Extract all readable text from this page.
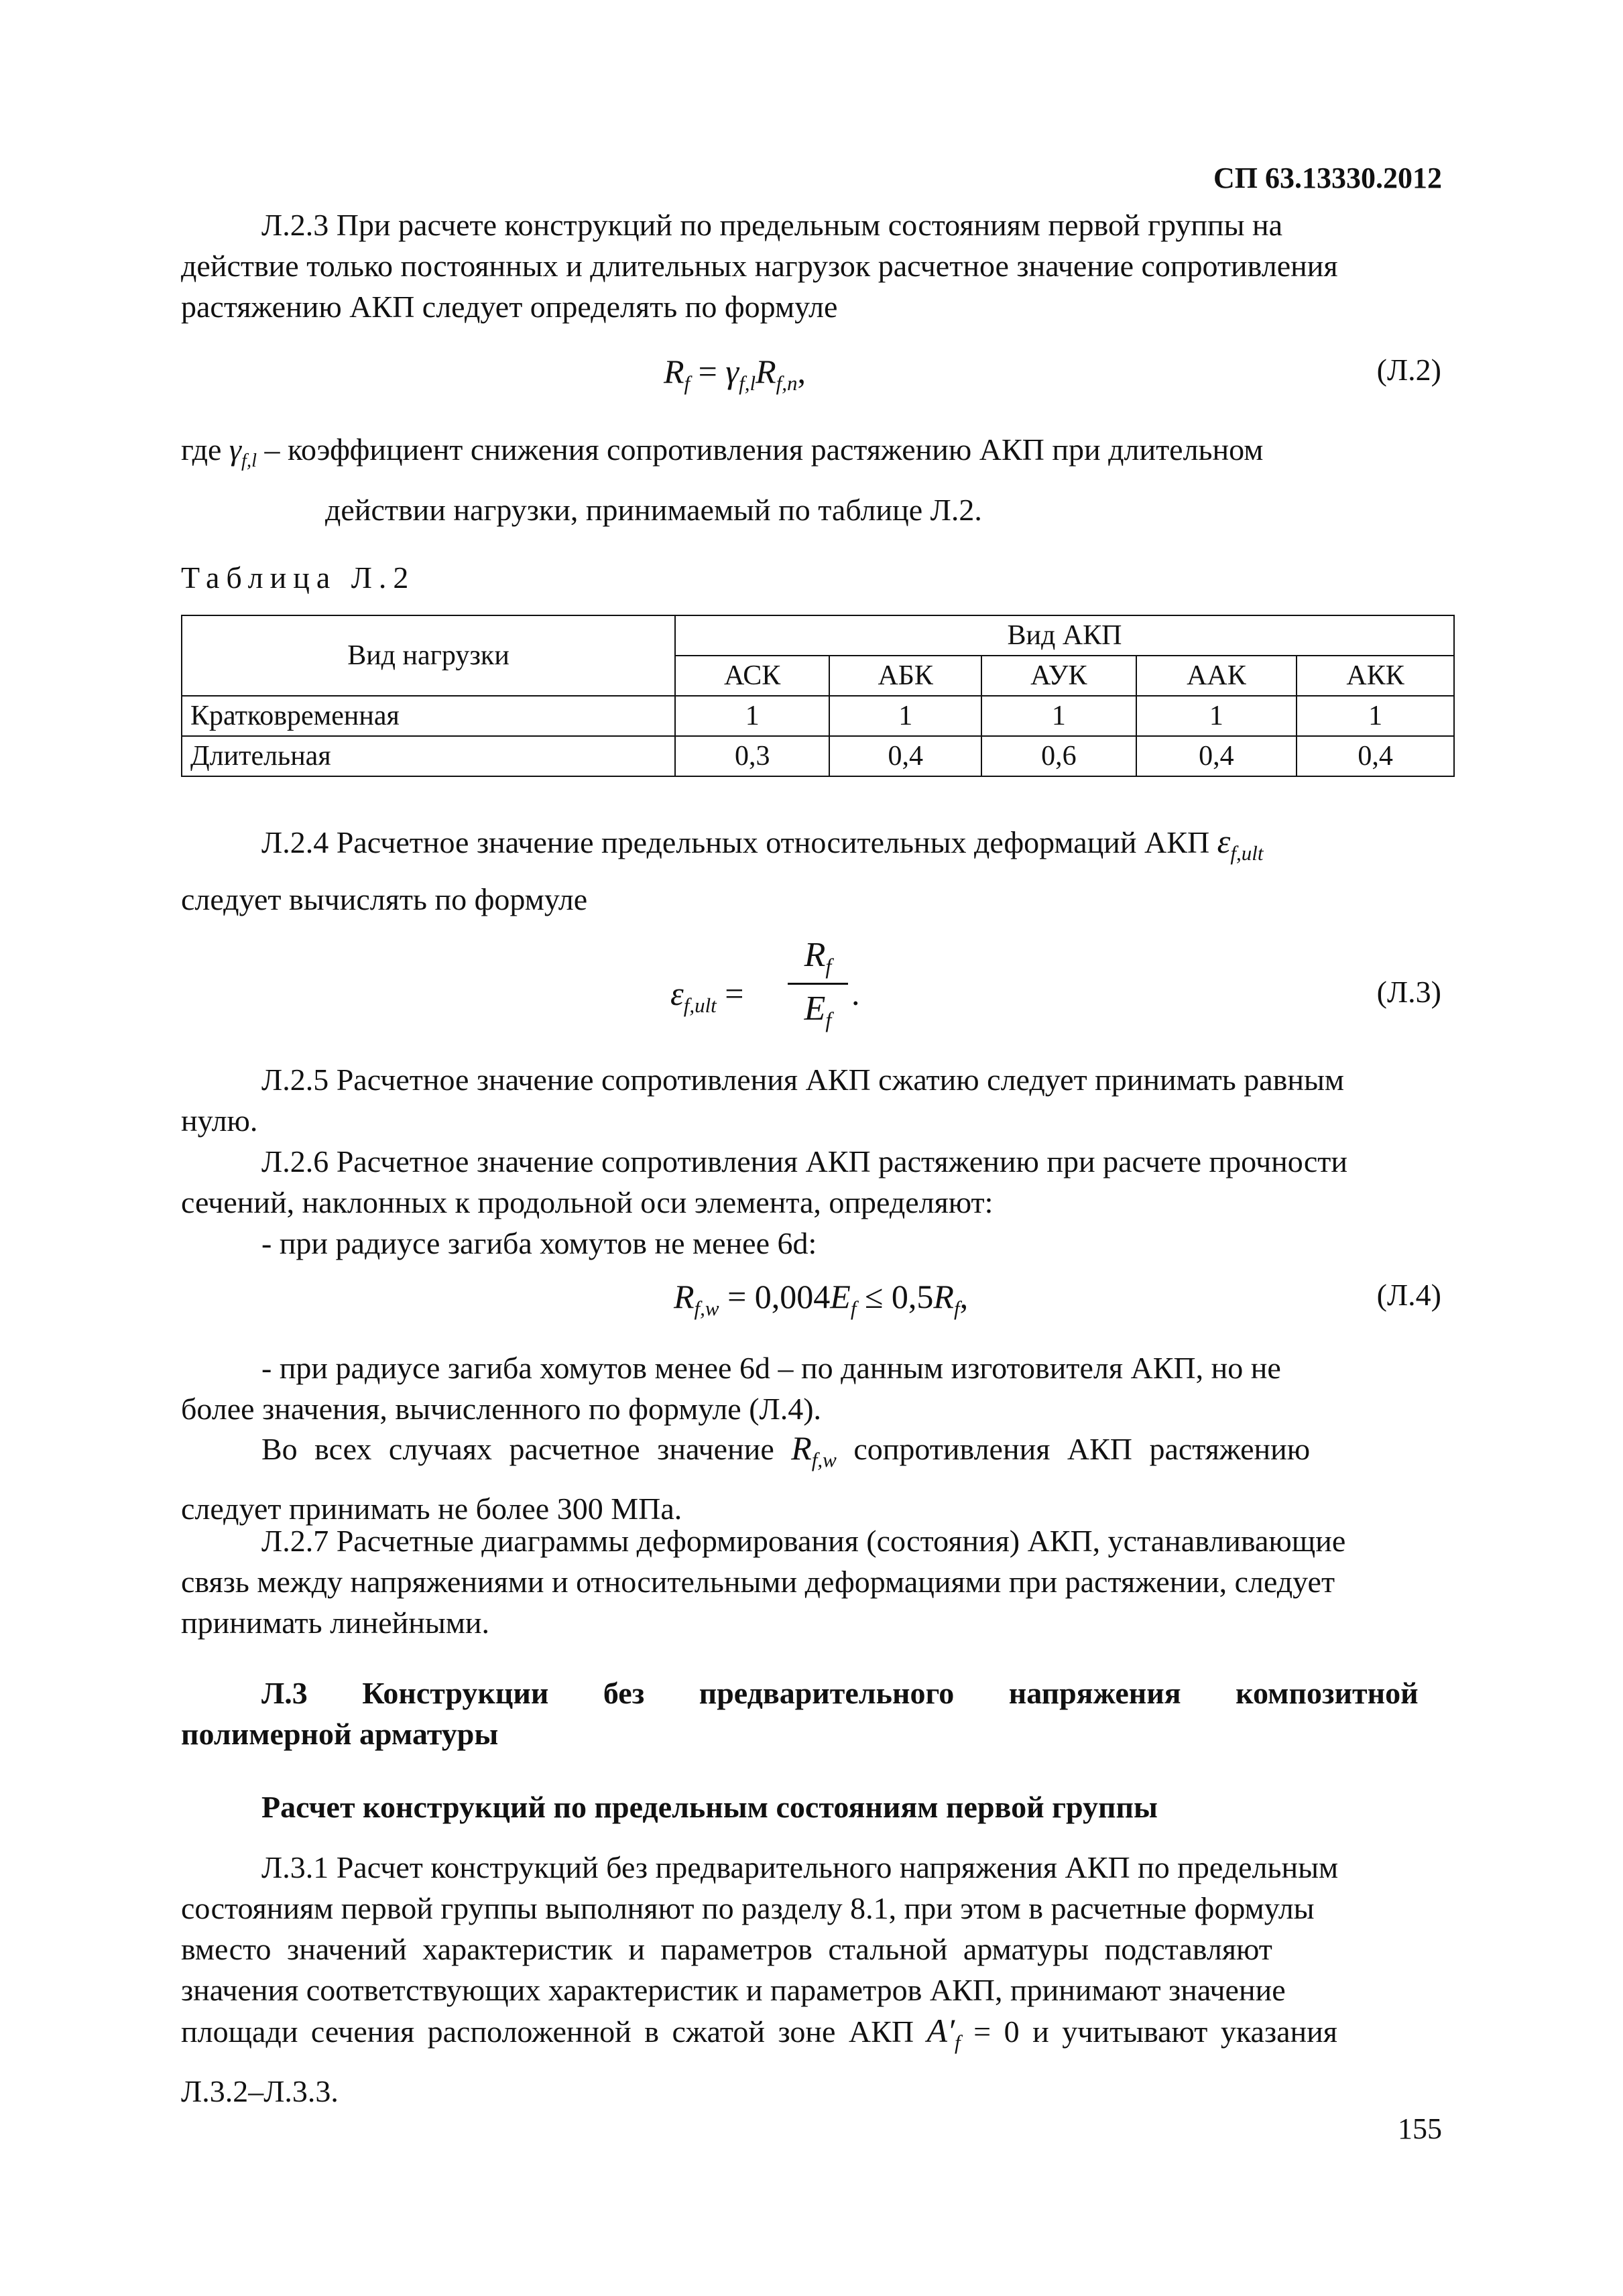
СП 63.13330.2012
Л.2.3 При расчете конструкций по предельным состояниям первой группы на
действие только постоянных и длительных нагрузок расчетное значение сопротивления
растяжению АКП следует определять по формуле
$R_f = \gamma_{f,l}R_{f,n}$,	(Л.2)
где $\gamma_{f,l}$ – коэффициент снижения сопротивления растяжению АКП при длительном
действии нагрузки, принимаемый по таблице Л.2.
Таблица Л.2
Вид нагрузки	Вид АКП				
	АСК	АБК	АУК	ААК	АКК
Кратковременная	1	1	1	1	1
Длительная	0,3	0,4	0,6	0,4	0,4
Л.2.4 Расчетное значение предельных относительных деформаций АКП $\varepsilon_{f,ult}$
следует вычислять по формуле
$\varepsilon_{f,ult}$ =
$R_f$
$E_f$
.	(Л.3)
Л.2.5 Расчетное значение сопротивления АКП сжатию следует принимать равным
нулю.
Л.2.6 Расчетное значение сопротивления АКП растяжению при расчете прочности
сечений, наклонных к продольной оси элемента, определяют:
- при радиусе загиба хомутов не менее 6d:
$R_{f,w} = 0,004E_f \le 0,5R_f$,	(Л.4)
- при радиусе загиба хомутов менее 6d – по данным изготовителя АКП, но не
более значения, вычисленного по формуле (Л.4).
Во всех случаях расчетное значение $R_{f,w}$ сопротивления АКП растяжению
следует принимать не более 300 МПа.
Л.2.7 Расчетные диаграммы деформирования (состояния) АКП, устанавливающие
связь между напряжениями и относительными деформациями при растяжении, следует
принимать линейными.
Л.3 Конструкции без предварительного напряжения композитной
полимерной арматуры
Расчет конструкций по предельным состояниям первой группы
Л.3.1 Расчет конструкций без предварительного напряжения АКП по предельным
состояниям первой группы выполняют по разделу 8.1, при этом в расчетные формулы
вместо значений характеристик и параметров стальной арматуры подставляют
значения соответствующих характеристик и параметров АКП, принимают значение
площади сечения расположенной в сжатой зоне АКП $A'_f = 0$ и учитывают указания
Л.3.2–Л.3.3.
155
